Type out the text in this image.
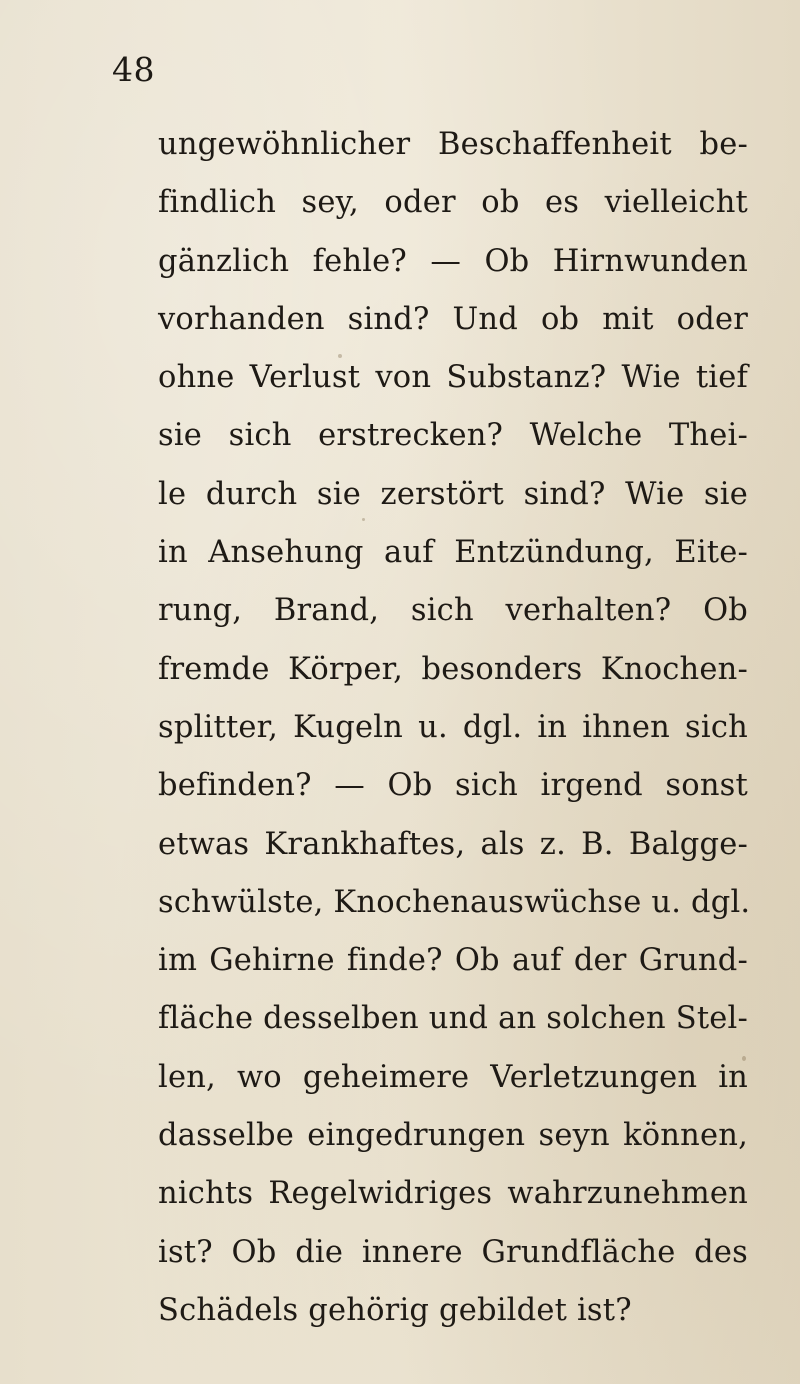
48
ungewöhnlicher Beschaffenheit be-
findlich sey, oder ob es vielleicht
gänzlich fehle? — Ob Hirnwunden
vorhanden sind? Und ob mit oder
ohne Verlust von Substanz? Wie tief
sie sich erstrecken? Welche Thei-
le durch sie zerstört sind? Wie sie
in Ansehung auf Entzündung, Eite-
rung, Brand, sich verhalten? Ob
fremde Körper, besonders Knochen-
splitter, Kugeln u. dgl. in ihnen sich
befinden? — Ob sich irgend sonst
etwas Krankhaftes, als z. B. Balgge-
schwülste, Knochenauswüchse u. dgl.
im Gehirne finde? Ob auf der Grund-
fläche desselben und an solchen Stel-
len, wo geheimere Verletzungen in
dasselbe eingedrungen seyn können,
nichts Regelwidriges wahrzunehmen
ist? Ob die innere Grundfläche des
Schädels gehörig gebildet ist?
